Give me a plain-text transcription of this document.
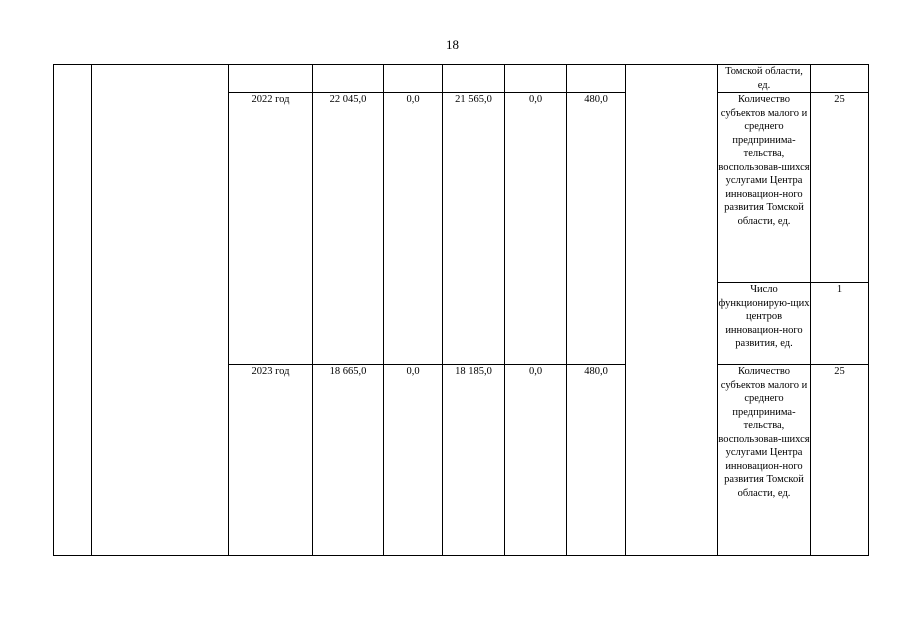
18
									Томской области, ед.	
		2022 год	22 045,0	0,0	21 565,0	0,0	480,0		Количество субъектов малого и среднего предпринима-тельства, воспользовав-шихся услугами Центра инновацион-ного развития Томской области, ед.	25
									Число функционирую-щих центров инновацион-ного развития, ед.	1
		2023 год	18 665,0	0,0	18 185,0	0,0	480,0		Количество субъектов малого и среднего предпринима-тельства, воспользовав-шихся услугами Центра инновацион-ного развития Томской области, ед.	25
